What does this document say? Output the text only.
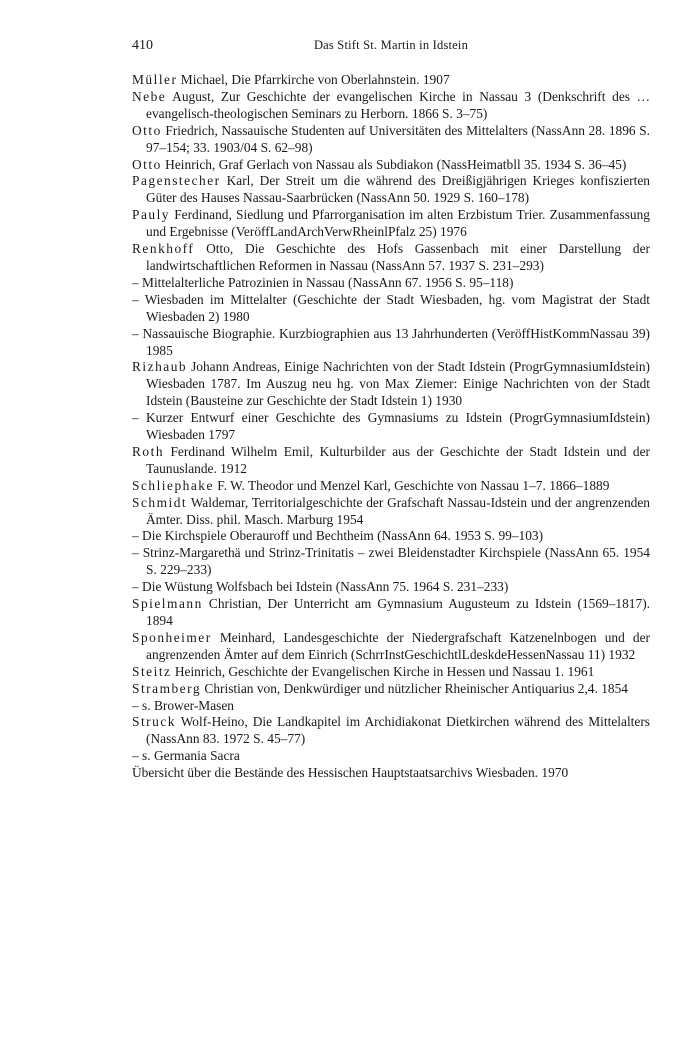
410	Das Stift St. Martin in Idstein

Müller Michael, Die Pfarrkirche von Oberlahnstein. 1907

Nebe August, Zur Geschichte der evangelischen Kirche in Nassau 3 (Denkschrift des … evangelisch-theologischen Seminars zu Herborn. 1866 S. 3–75)

Otto Friedrich, Nassauische Studenten auf Universitäten des Mittelalters (NassAnn 28. 1896 S. 97–154; 33. 1903/04 S. 62–98)

Otto Heinrich, Graf Gerlach von Nassau als Subdiakon (NassHeimatbll 35. 1934 S. 36–45)

Pagenstecher Karl, Der Streit um die während des Dreißigjährigen Krieges konfiszierten Güter des Hauses Nassau-Saarbrücken (NassAnn 50. 1929 S. 160–178)

Pauly Ferdinand, Siedlung und Pfarrorganisation im alten Erzbistum Trier. Zusammenfassung und Ergebnisse (VeröffLandArchVerwRheinlPfalz 25) 1976

Renkhoff Otto, Die Geschichte des Hofs Gassenbach mit einer Darstellung der landwirtschaftlichen Reformen in Nassau (NassAnn 57. 1937 S. 231–293)

– Mittelalterliche Patrozinien in Nassau (NassAnn 67. 1956 S. 95–118)

– Wiesbaden im Mittelalter (Geschichte der Stadt Wiesbaden, hg. vom Magistrat der Stadt Wiesbaden 2) 1980

– Nassauische Biographie. Kurzbiographien aus 13 Jahrhunderten (VeröffHistKommNassau 39) 1985

Rizhaub Johann Andreas, Einige Nachrichten von der Stadt Idstein (ProgrGymnasiumIdstein) Wiesbaden 1787. Im Auszug neu hg. von Max Ziemer: Einige Nachrichten von der Stadt Idstein (Bausteine zur Geschichte der Stadt Idstein 1) 1930

– Kurzer Entwurf einer Geschichte des Gymnasiums zu Idstein (ProgrGymnasiumIdstein) Wiesbaden 1797

Roth Ferdinand Wilhelm Emil, Kulturbilder aus der Geschichte der Stadt Idstein und der Taunuslande. 1912

Schliephake F. W. Theodor und Menzel Karl, Geschichte von Nassau 1–7. 1866–1889

Schmidt Waldemar, Territorialgeschichte der Grafschaft Nassau-Idstein und der angrenzenden Ämter. Diss. phil. Masch. Marburg 1954

– Die Kirchspiele Oberauroff und Bechtheim (NassAnn 64. 1953 S. 99–103)

– Strinz-Margarethä und Strinz-Trinitatis – zwei Bleidenstadter Kirchspiele (NassAnn 65. 1954 S. 229–233)

– Die Wüstung Wolfsbach bei Idstein (NassAnn 75. 1964 S. 231–233)

Spielmann Christian, Der Unterricht am Gymnasium Augusteum zu Idstein (1569–1817). 1894

Sponheimer Meinhard, Landesgeschichte der Niedergrafschaft Katzenelnbogen und der angrenzenden Ämter auf dem Einrich (SchrrInstGeschichtlLdeskdeHessenNassau 11) 1932

Steitz Heinrich, Geschichte der Evangelischen Kirche in Hessen und Nassau 1. 1961

Stramberg Christian von, Denkwürdiger und nützlicher Rheinischer Antiquarius 2,4. 1854

– s. Brower-Masen

Struck Wolf-Heino, Die Landkapitel im Archidiakonat Dietkirchen während des Mittelalters (NassAnn 83. 1972 S. 45–77)

– s. Germania Sacra

Übersicht über die Bestände des Hessischen Hauptstaatsarchivs Wiesbaden. 1970
